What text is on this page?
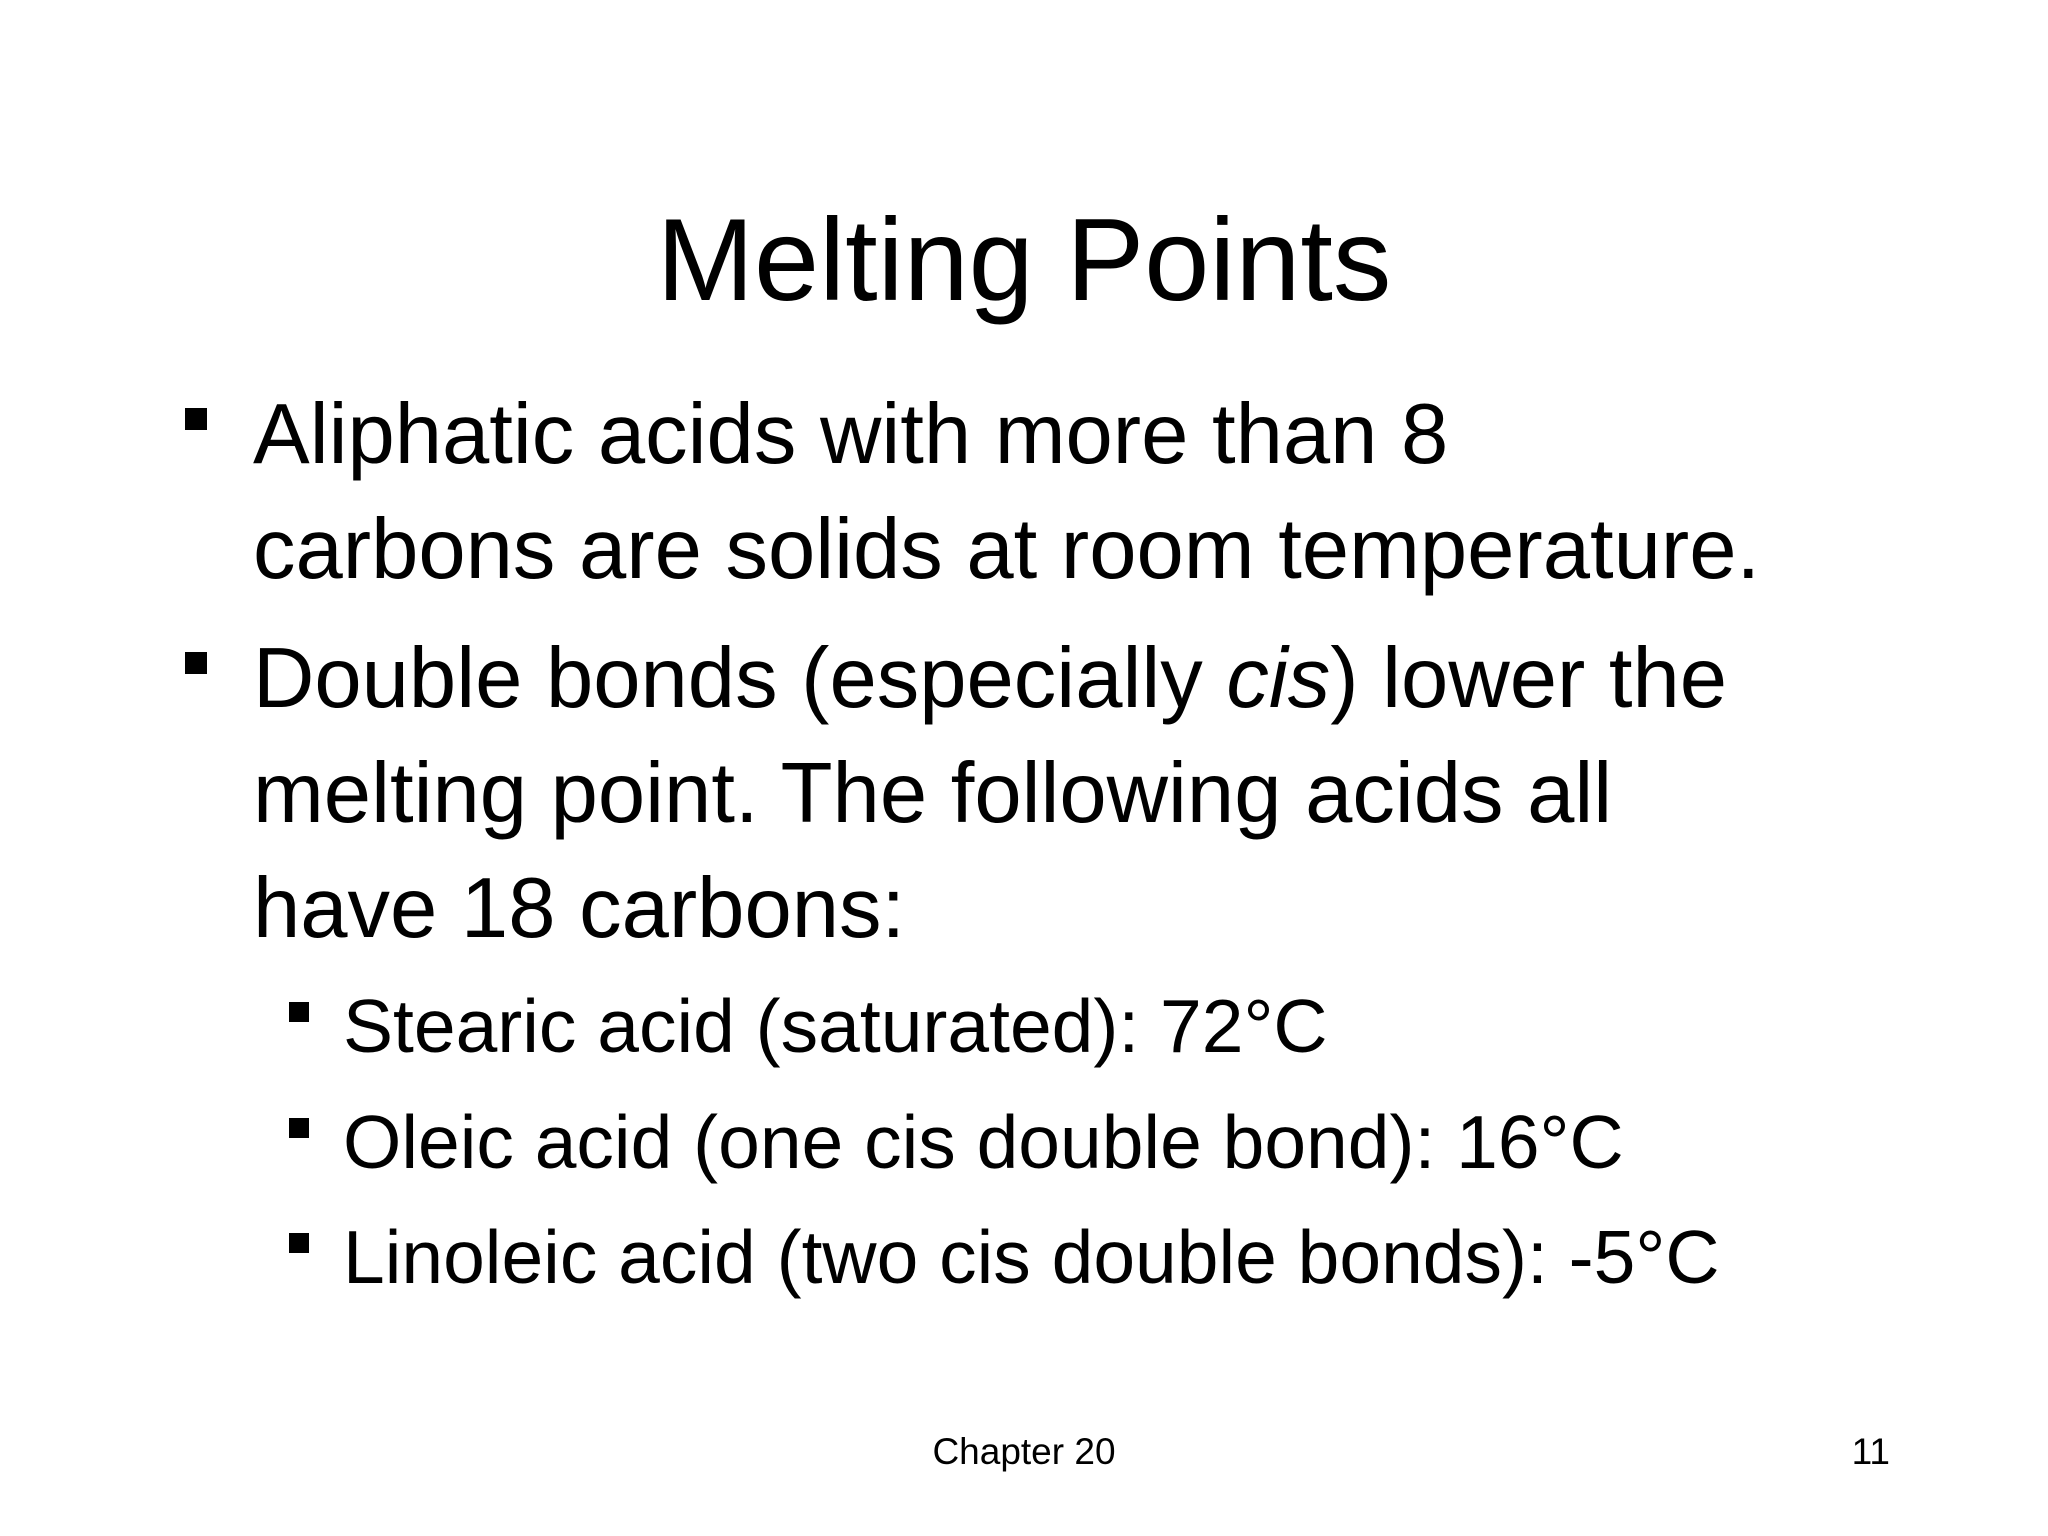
Melting Points
Aliphatic acids with more than 8
carbons are solids at room temperature.
Double bonds (especially cis) lower the
melting point. The following acids all
have 18 carbons:
Stearic acid (saturated): 72°C
Oleic acid (one cis double bond): 16°C
Linoleic acid (two cis double bonds): -5°C
Chapter 20	11
